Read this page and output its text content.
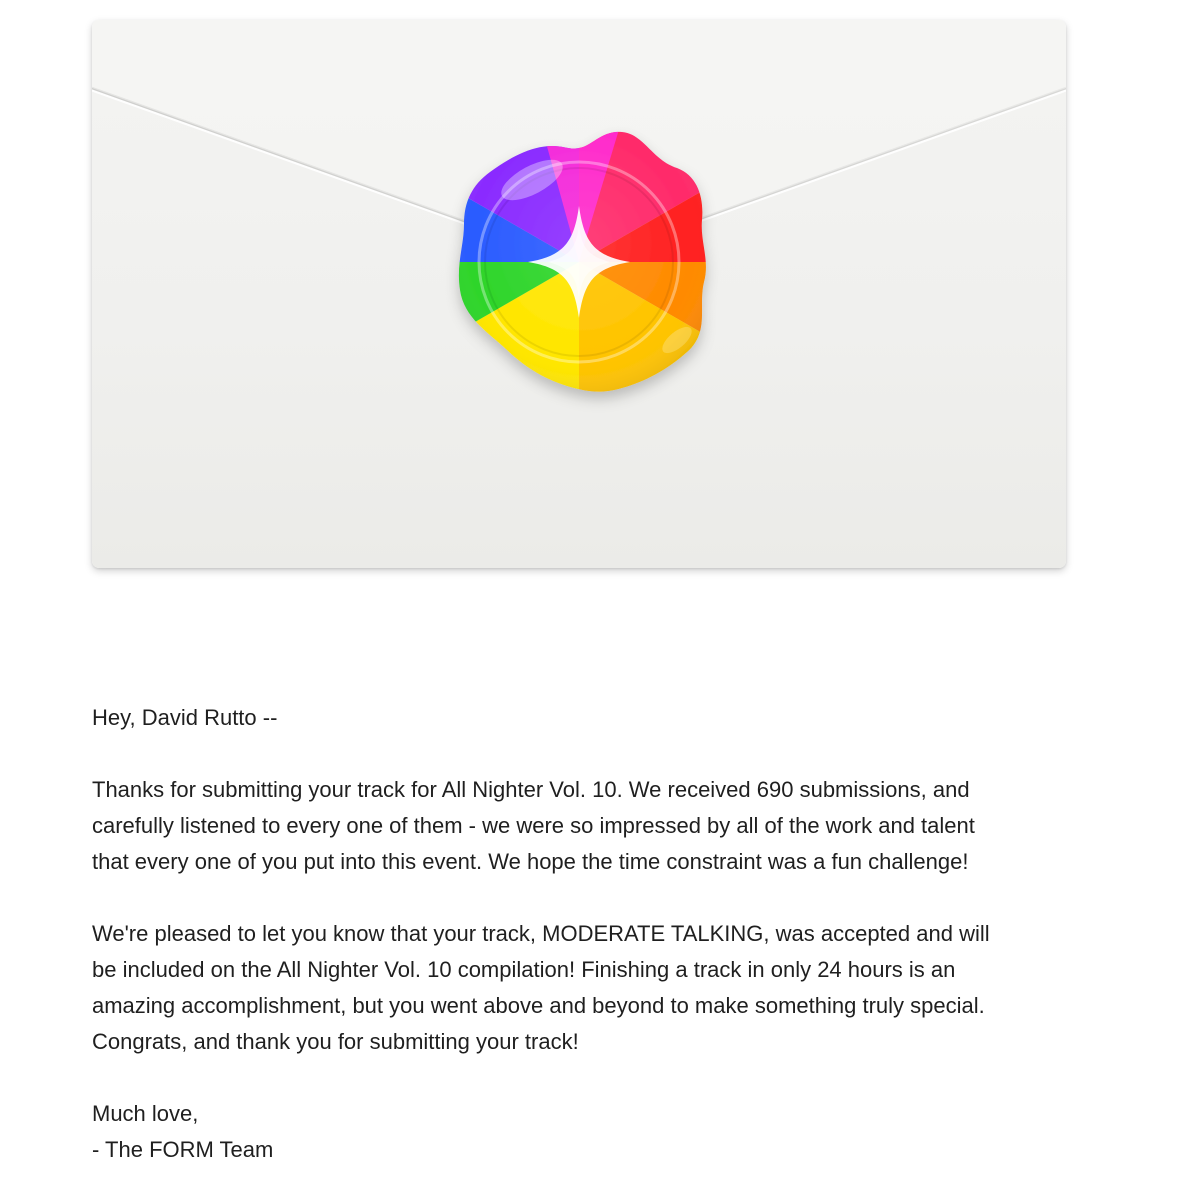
Hey, David Rutto --

Thanks for submitting your track for All Nighter Vol. 10. We received 690 submissions, and
carefully listened to every one of them - we were so impressed by all of the work and talent
that every one of you put into this event. We hope the time constraint was a fun challenge!

We're pleased to let you know that your track, MODERATE TALKING, was accepted and will
be included on the All Nighter Vol. 10 compilation! Finishing a track in only 24 hours is an
amazing accomplishment, but you went above and beyond to make something truly special.
Congrats, and thank you for submitting your track!

Much love,
- The FORM Team
